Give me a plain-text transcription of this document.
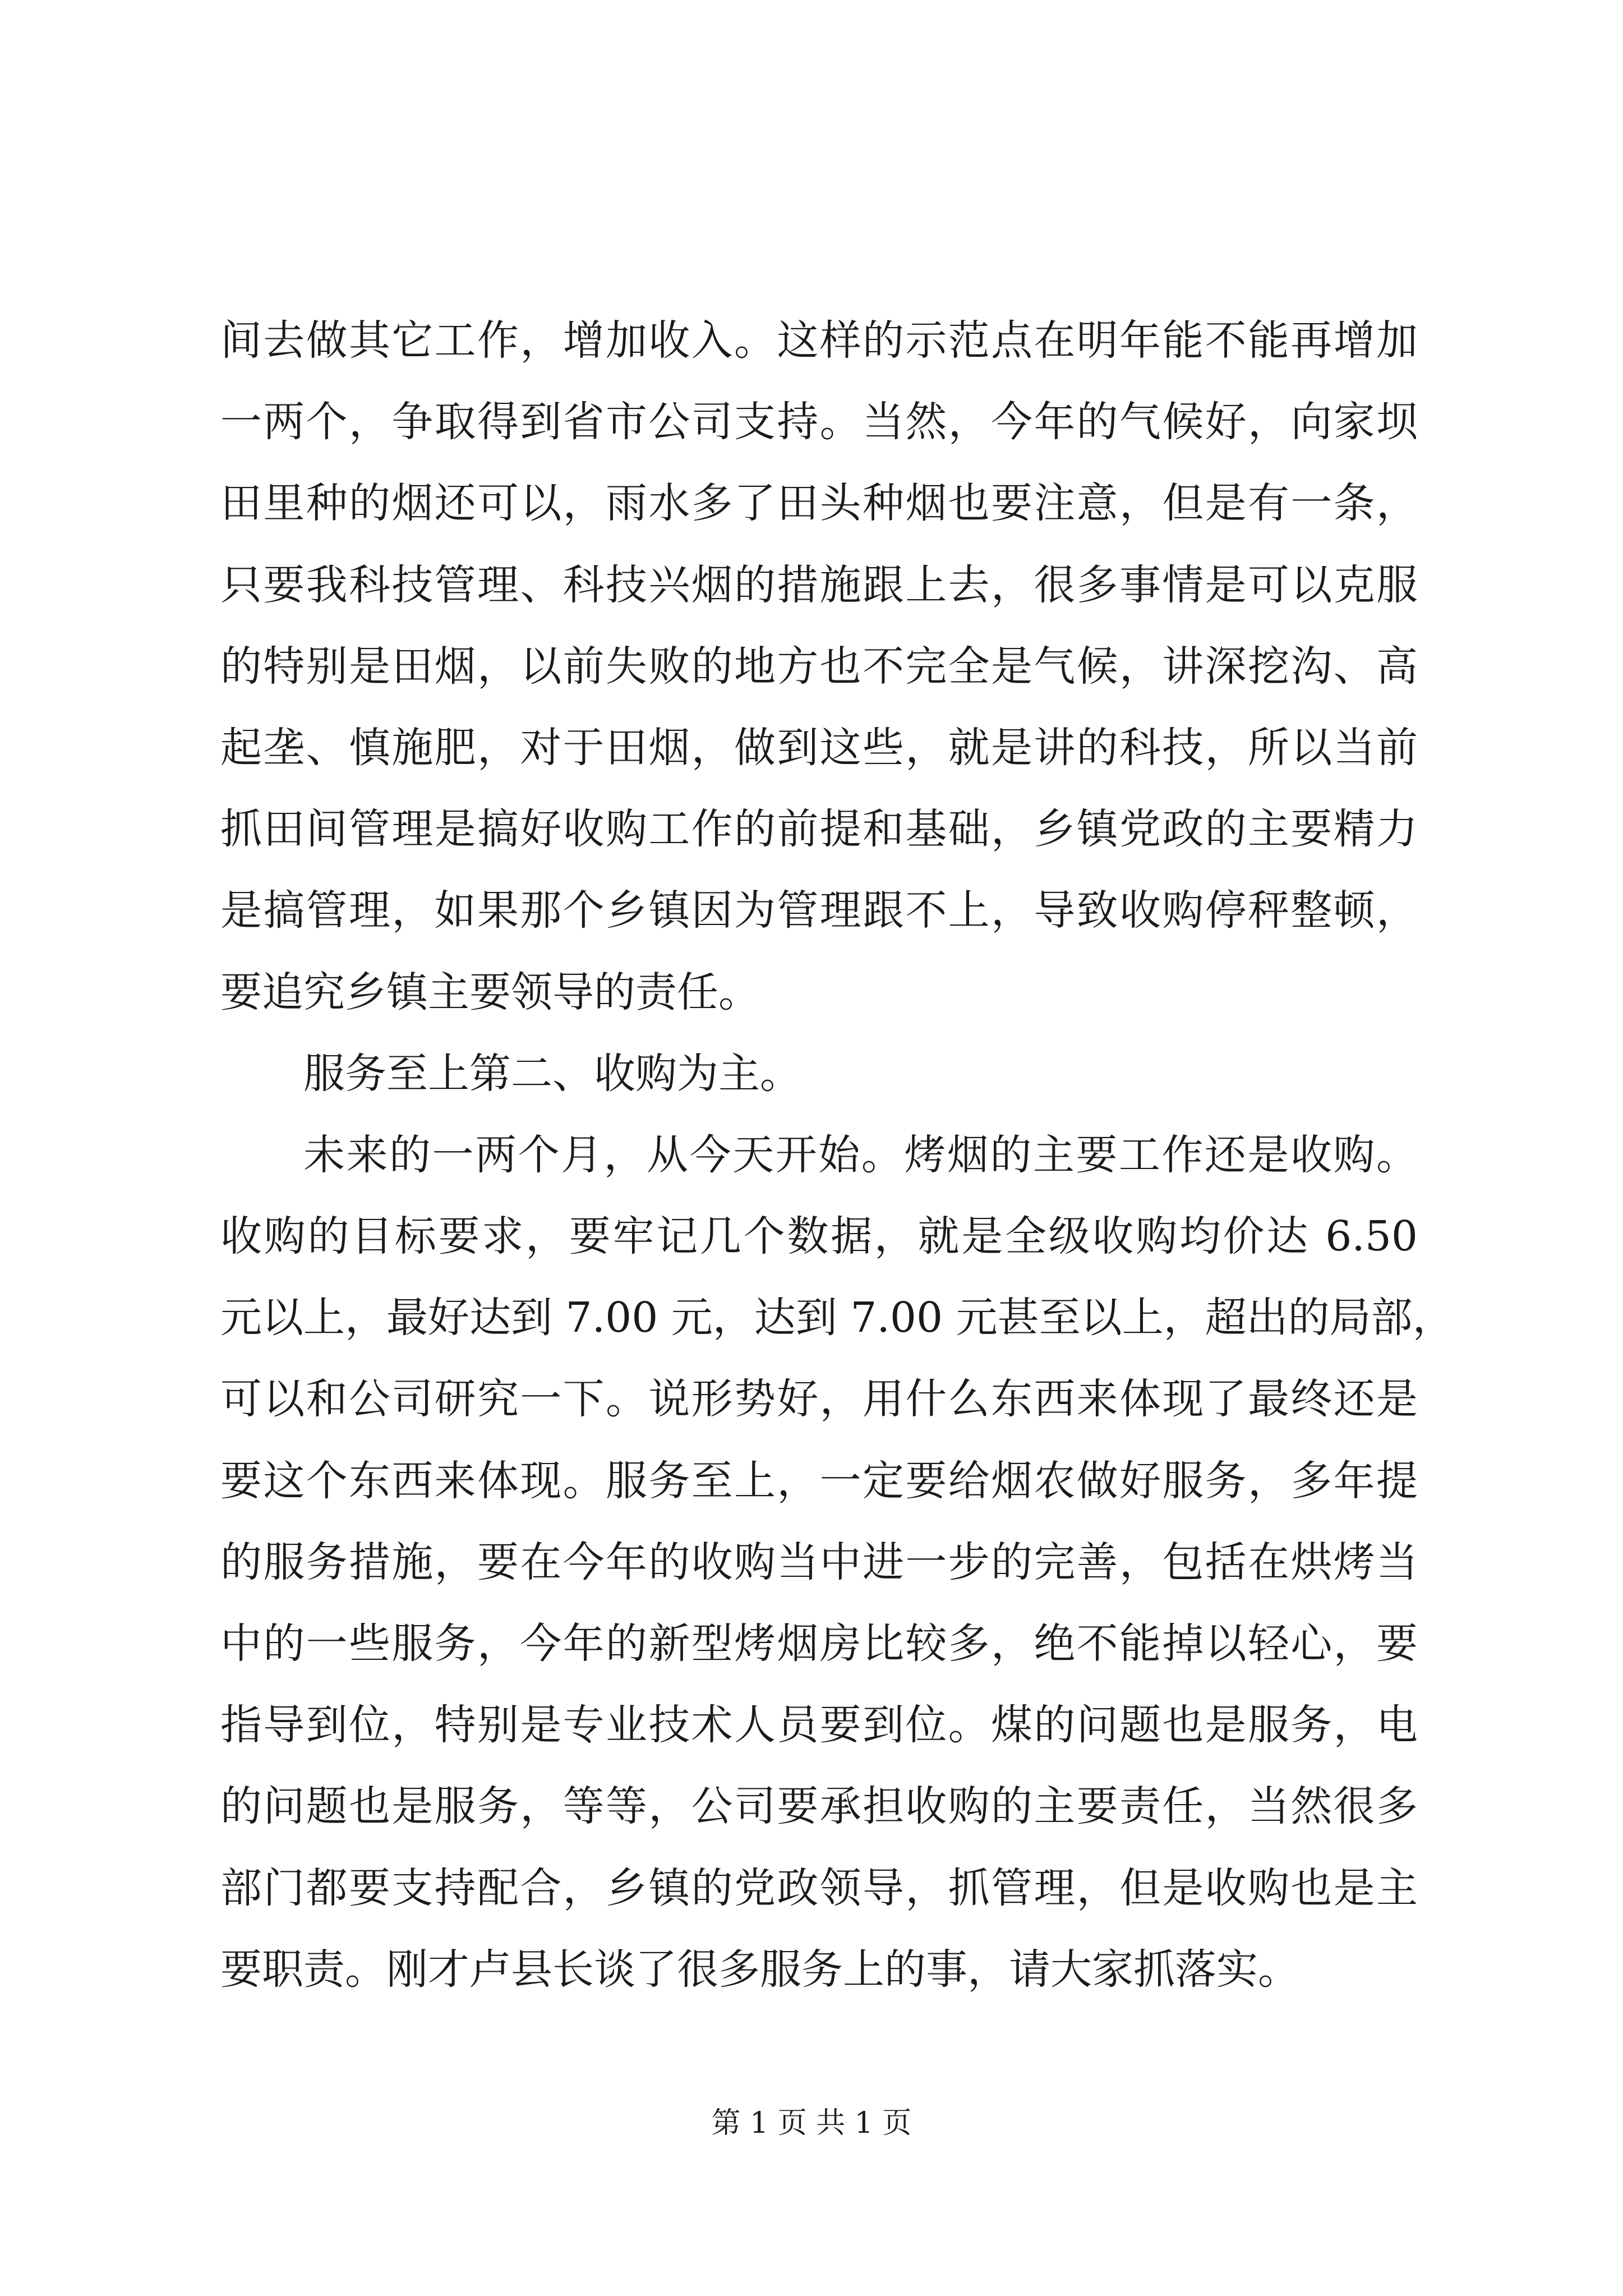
间去做其它工作，增加收入。这样的示范点在明年能不能再增加
一两个，争取得到省市公司支持。当然，今年的气候好，向家坝
田里种的烟还可以，雨水多了田头种烟也要注意，但是有一条，
只要我科技管理、科技兴烟的措施跟上去，很多事情是可以克服
的特别是田烟，以前失败的地方也不完全是气候，讲深挖沟、高
起垄、慎施肥，对于田烟，做到这些，就是讲的科技，所以当前
抓田间管理是搞好收购工作的前提和基础，乡镇党政的主要精力
是搞管理，如果那个乡镇因为管理跟不上，导致收购停秤整顿，
要追究乡镇主要领导的责任。
服务至上第二、收购为主。
未来的一两个月，从今天开始。烤烟的主要工作还是收购。
收购的目标要求，要牢记几个数据，就是全级收购均价达 6.50
元以上，最好达到 7.00 元，达到 7.00 元甚至以上，超出的局部，
可以和公司研究一下。说形势好，用什么东西来体现了最终还是
要这个东西来体现。服务至上，一定要给烟农做好服务，多年提
的服务措施，要在今年的收购当中进一步的完善，包括在烘烤当
中的一些服务，今年的新型烤烟房比较多，绝不能掉以轻心，要
指导到位，特别是专业技术人员要到位。煤的问题也是服务，电
的问题也是服务，等等，公司要承担收购的主要责任，当然很多
部门都要支持配合，乡镇的党政领导，抓管理，但是收购也是主
要职责。刚才卢县长谈了很多服务上的事，请大家抓落实。
第 1 页 共 1 页
